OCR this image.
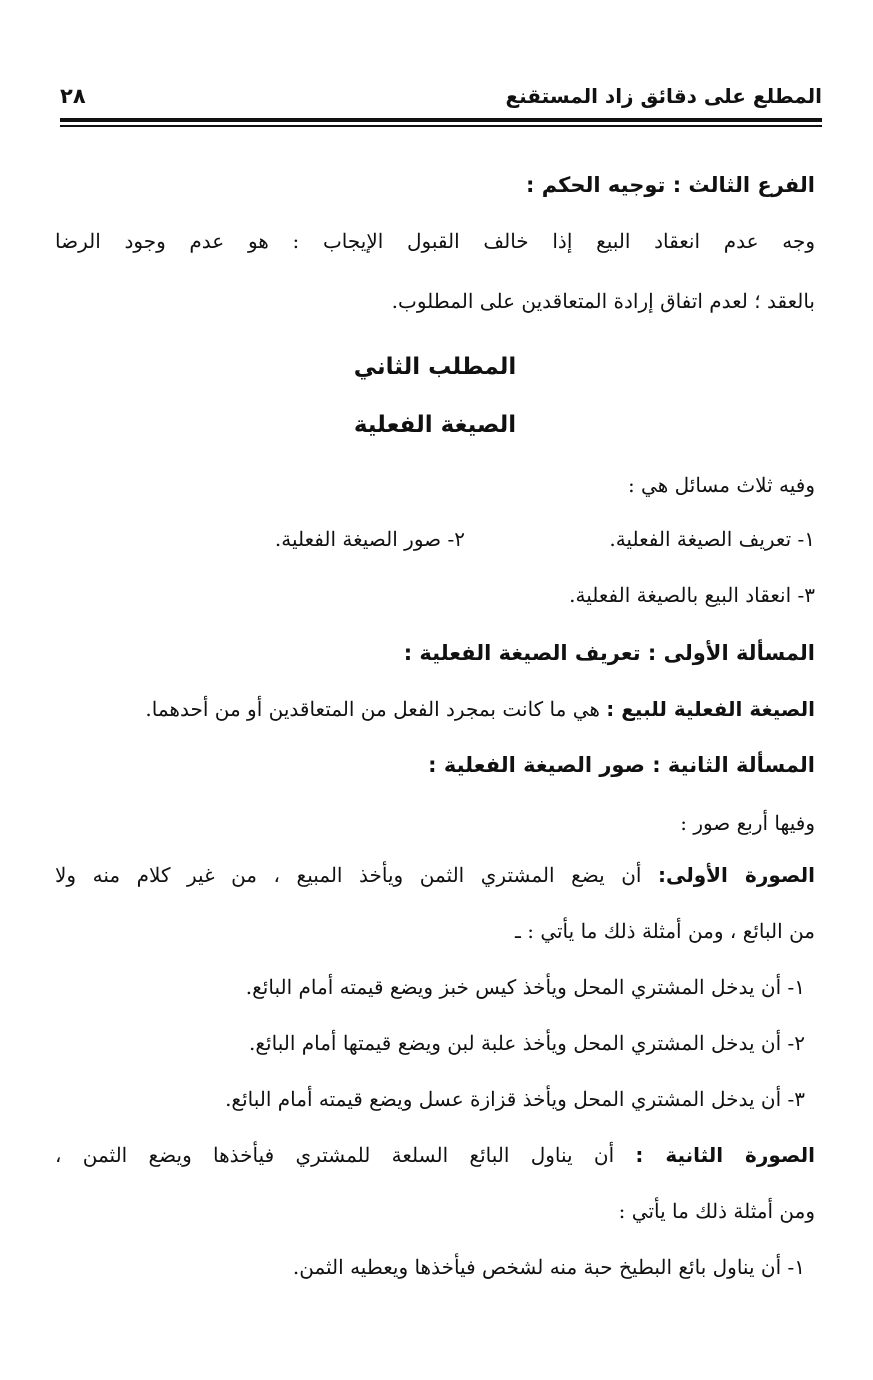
المطلع على دقائق زاد المستقنع
٢٨
الفرع الثالث : توجيه الحكم :
وجه عدم انعقاد البيع إذا خالف القبول الإيجاب : هو عدم وجود الرضا
بالعقد ؛ لعدم اتفاق إرادة المتعاقدين على المطلوب.
المطلب الثاني
الصيغة الفعلية
وفيه ثلاث مسائل هي :
١- تعريف الصيغة الفعلية.
٢- صور الصيغة الفعلية.
٣- انعقاد البيع بالصيغة الفعلية.
المسألة الأولى : تعريف الصيغة الفعلية :
الصيغة الفعلية للبيع : هي ما كانت بمجرد الفعل من المتعاقدين أو من أحدهما.
المسألة الثانية : صور الصيغة الفعلية :
وفيها أربع صور :
الصورة الأولى: أن يضع المشتري الثمن ويأخذ المبيع ، من غير كلام منه ولا
من البائع ، ومن أمثلة ذلك ما يأتي : ـ
١- أن يدخل المشتري المحل ويأخذ كيس خبز ويضع قيمته أمام البائع.
٢- أن يدخل المشتري المحل ويأخذ علبة لبن ويضع قيمتها أمام البائع.
٣- أن يدخل المشتري المحل ويأخذ قزازة عسل ويضع قيمته أمام البائع.
الصورة الثانية : أن يناول البائع السلعة للمشتري فيأخذها ويضع الثمن ،
ومن أمثلة ذلك ما يأتي :
١- أن يناول بائع البطيخ حبة منه لشخص فيأخذها ويعطيه الثمن.
